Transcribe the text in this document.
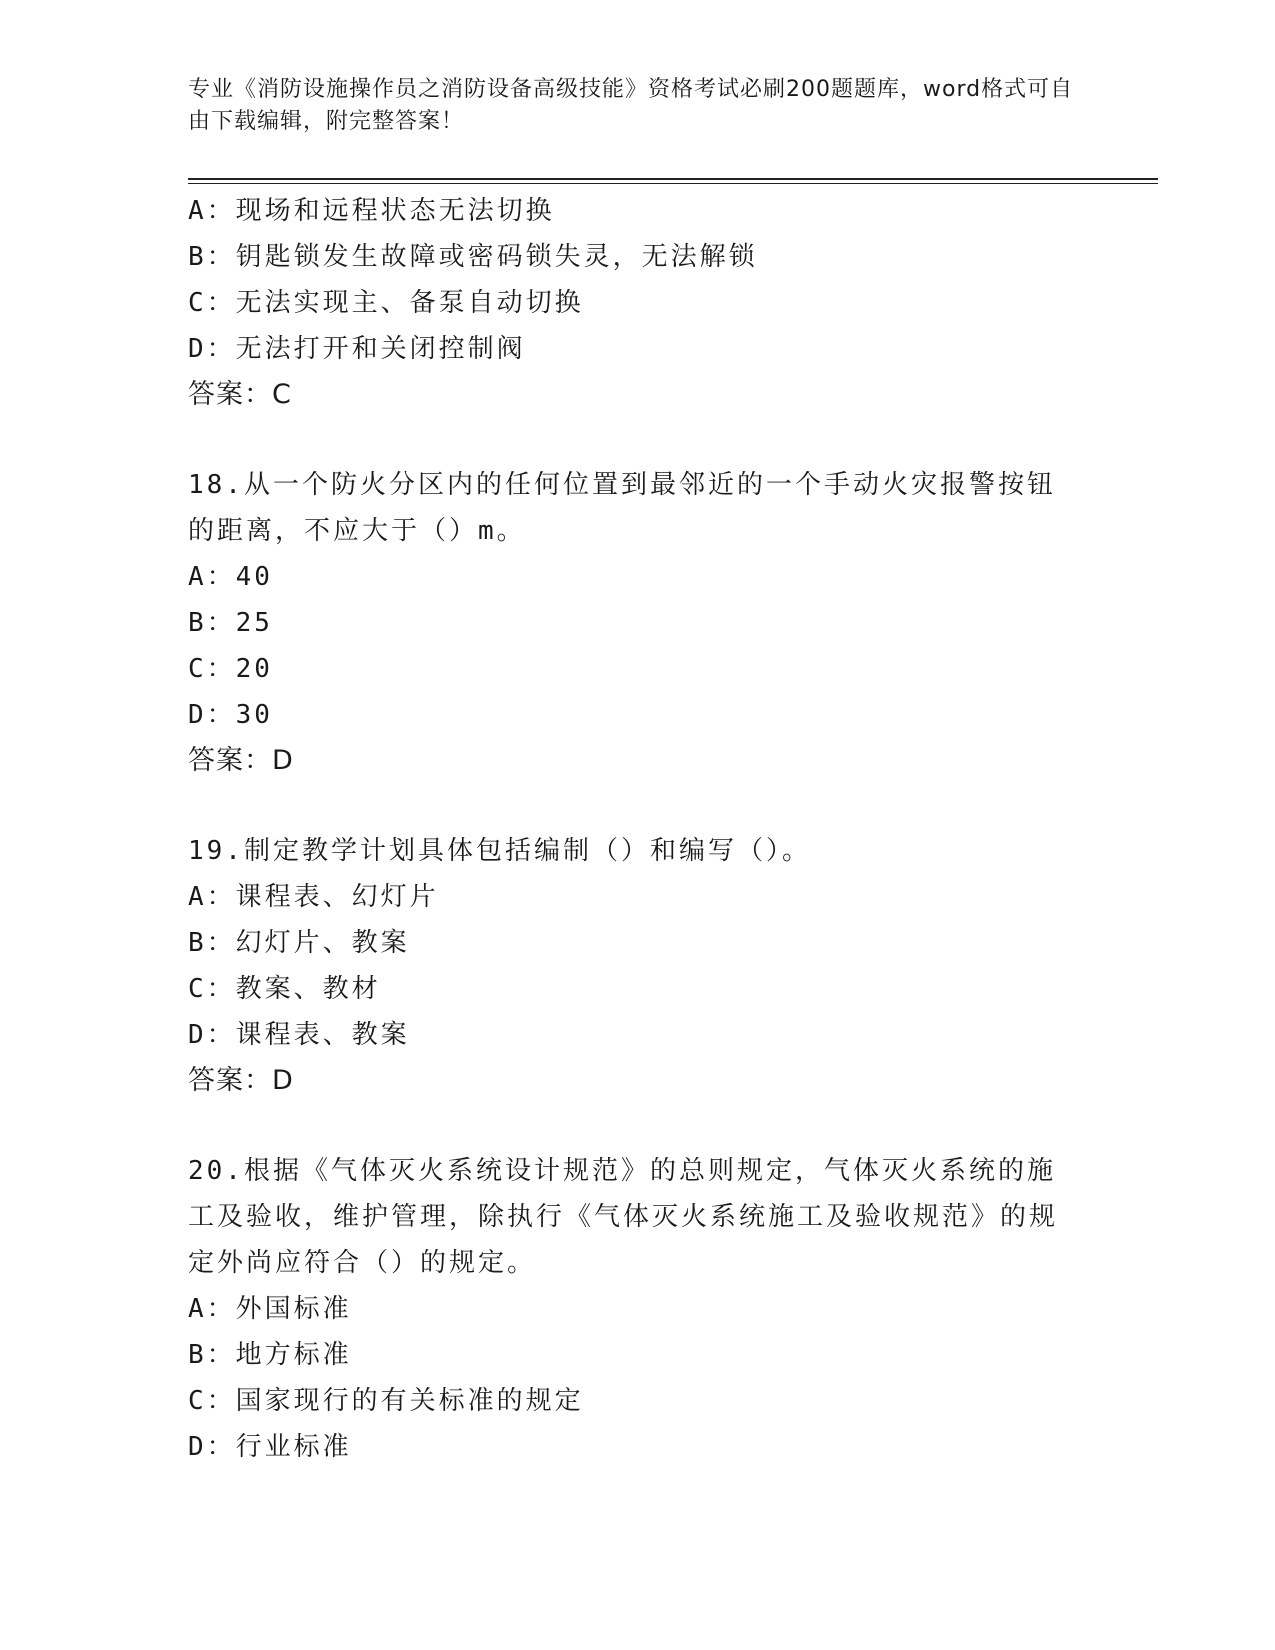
专业《消防设施操作员之消防设备高级技能》资格考试必刷200题题库，word格式可自由下载编辑，附完整答案！
A：现场和远程状态无法切换
B：钥匙锁发生故障或密码锁失灵，无法解锁
C：无法实现主、备泵自动切换
D：无法打开和关闭控制阀
答案：C
18.从一个防火分区内的任何位置到最邻近的一个手动火灾报警按钮的距离，不应大于（）m。
A：40
B：25
C：20
D：30
答案：D
19.制定教学计划具体包括编制（）和编写（）。
A：课程表、幻灯片
B：幻灯片、教案
C：教案、教材
D：课程表、教案
答案：D
20.根据《气体灭火系统设计规范》的总则规定，气体灭火系统的施工及验收，维护管理，除执行《气体灭火系统施工及验收规范》的规定外尚应符合（）的规定。
A：外国标准
B：地方标准
C：国家现行的有关标准的规定
D：行业标准
